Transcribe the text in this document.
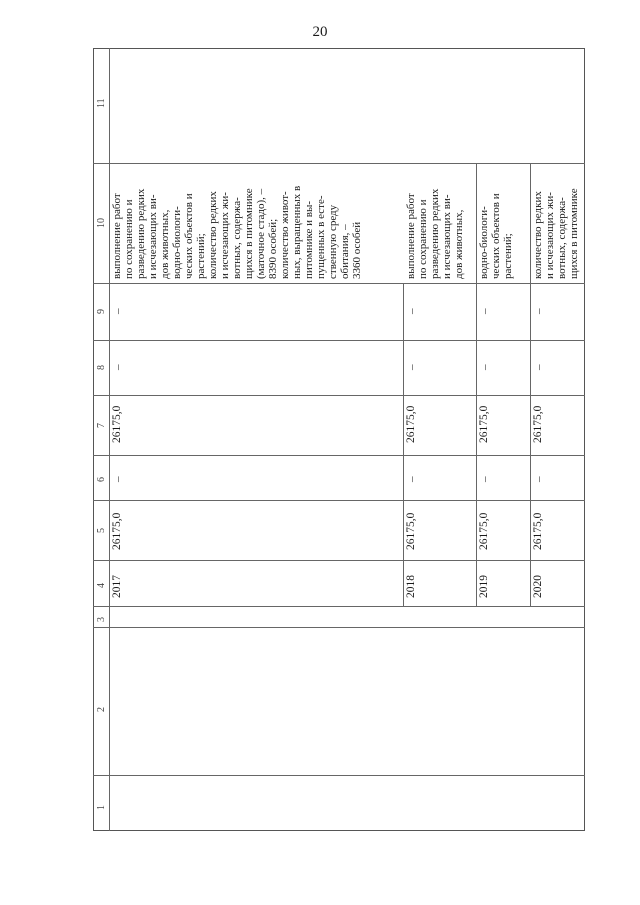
20
11
10
9
8
7
6
5
4
3
2
1
2017
26175,0
–
26175,0
–
–
выполнение работ по сохранению и разведению редких и исчезающих ви- дов животных, водно-биологи- ческих объектов и растений; количество редких и исчезающих жи- вотных, содержа- щихся в питомнике (маточное стадо), – 8390 особей; количество живот- ных, выращенных в питомнике и вы- пущенных в есте- ственную среду обитания, – 3360 особей
2018
26175,0
–
26175,0
–
–
выполнение работ по сохранению и разведению редких и исчезающих ви- дов животных,
2019
26175,0
–
26175,0
–
–
водно-биологи- ческих объектов и растений;
2020
26175,0
–
26175,0
–
–
количество редких и исчезающих жи- вотных, содержа- щихся в питомнике
